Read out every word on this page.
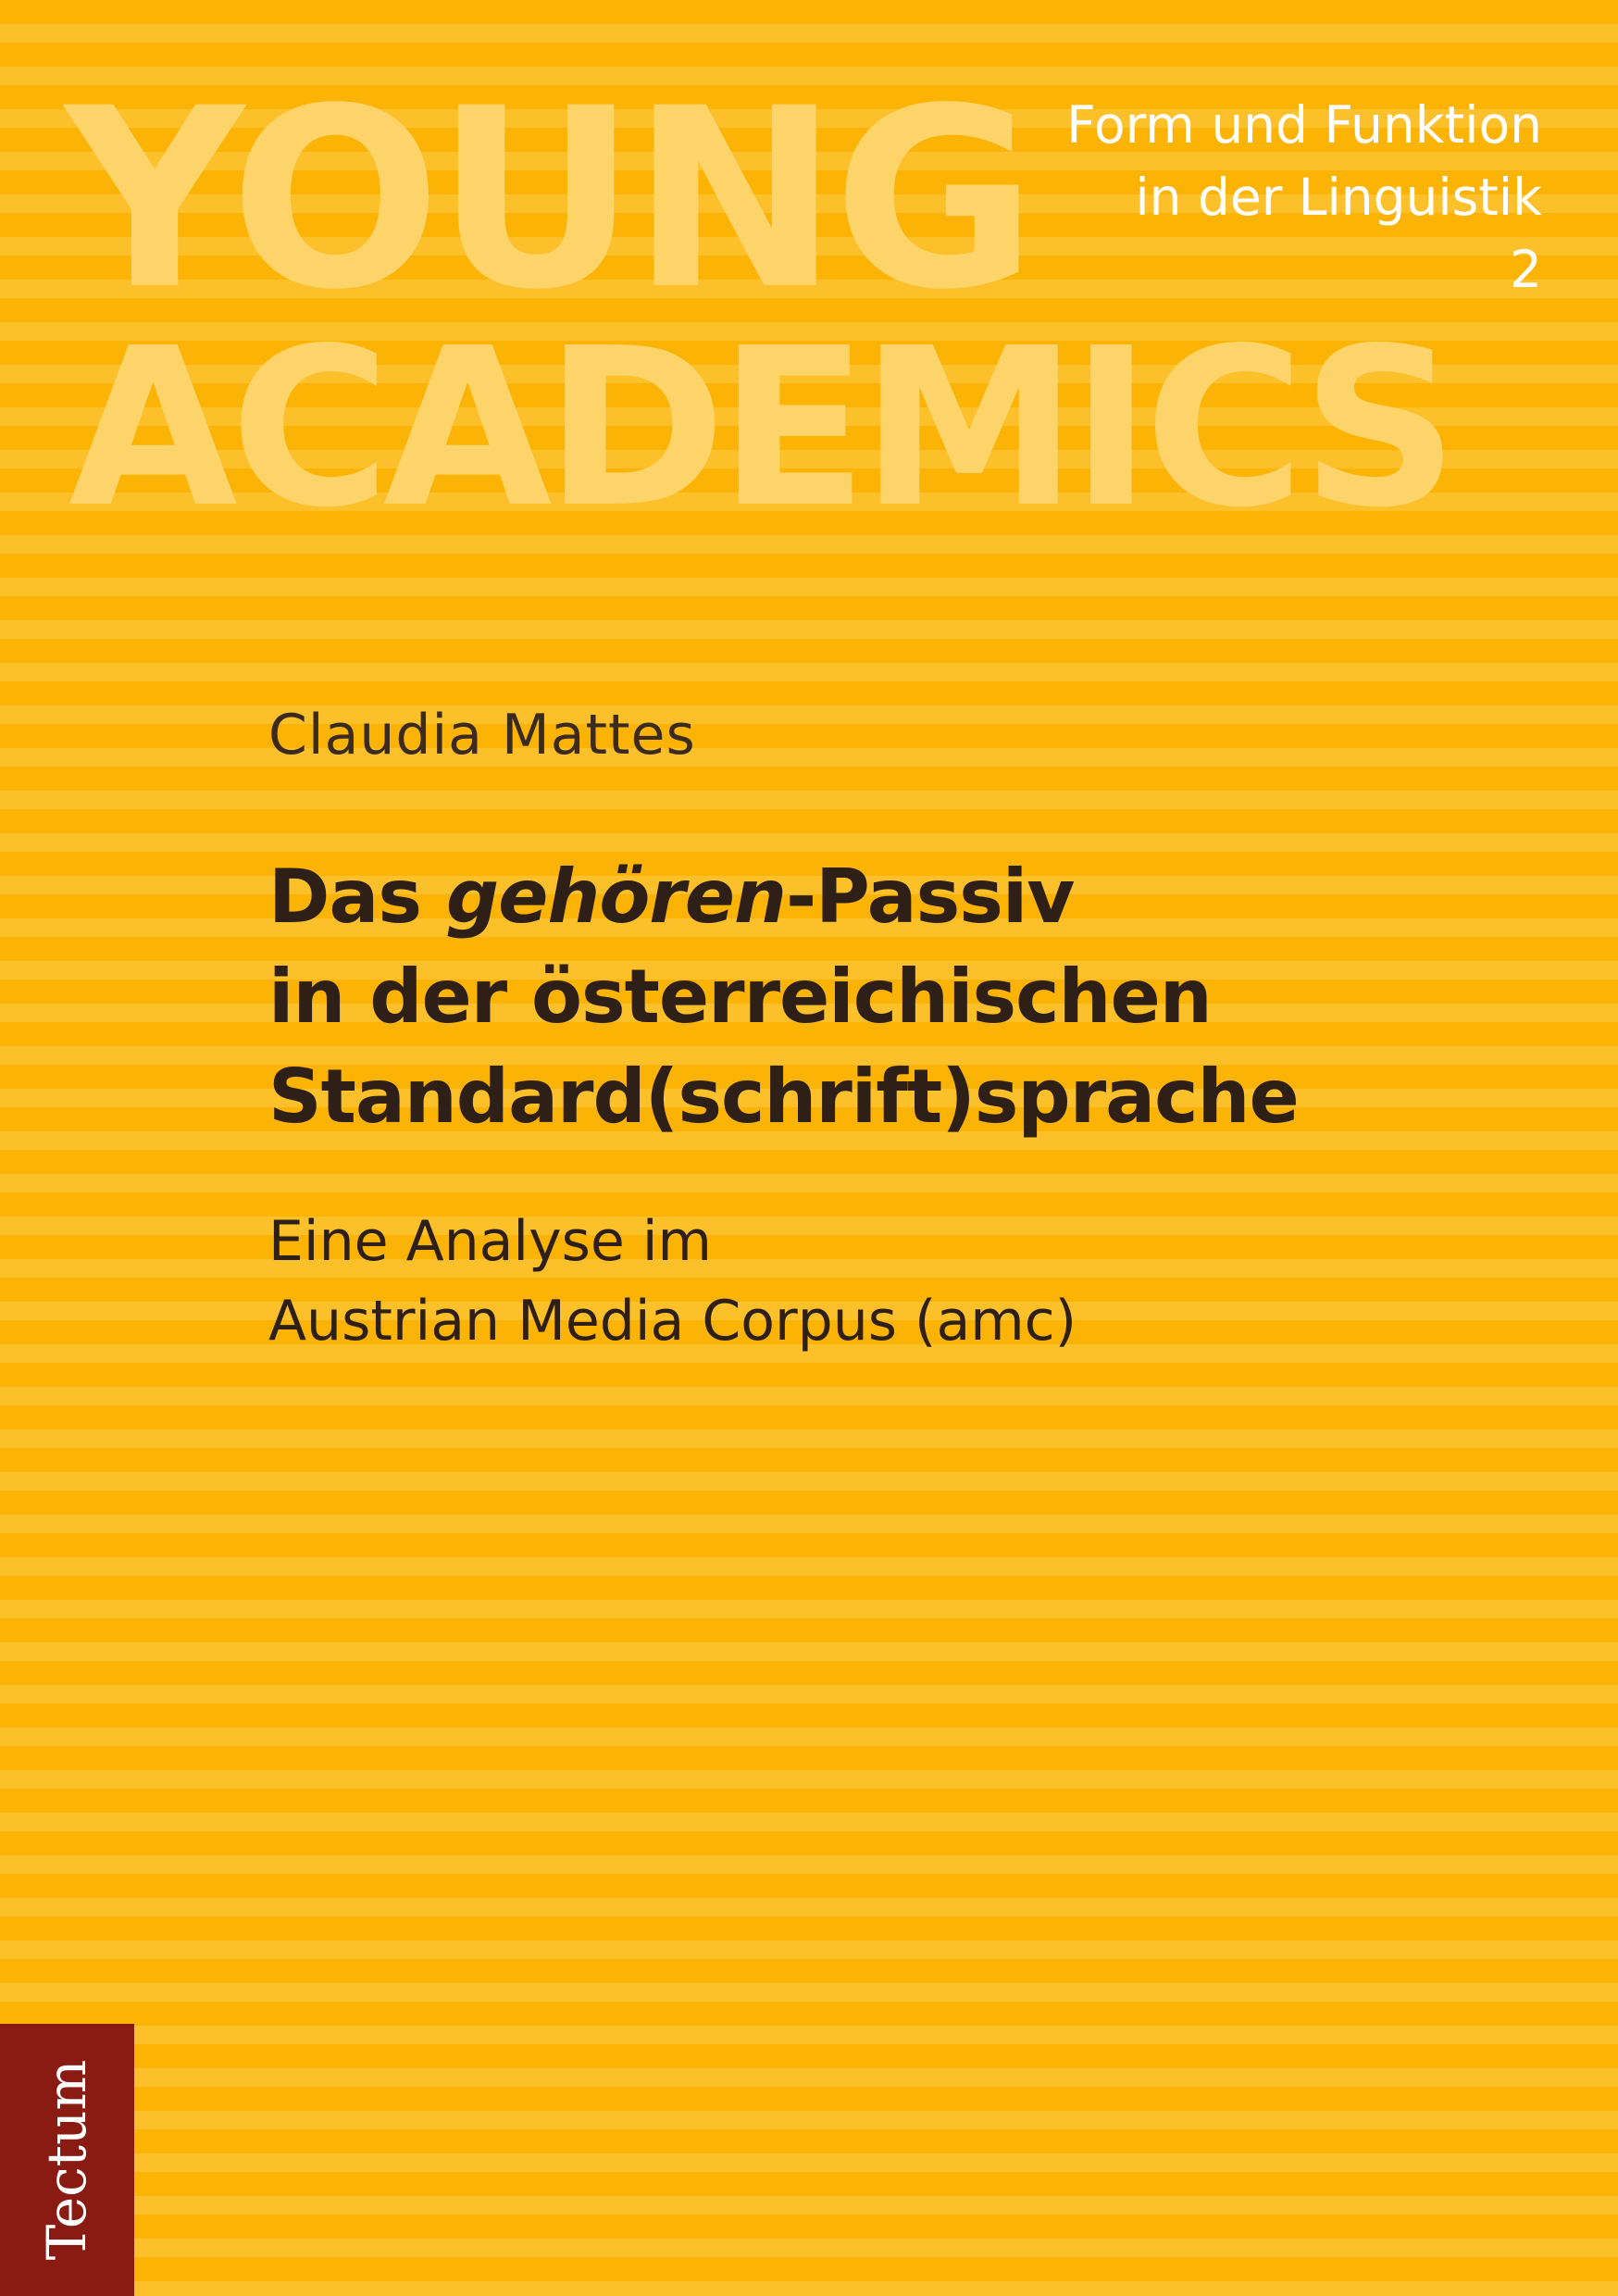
YOUNG
ACADEMICS
Form und Funktion
in der Linguistik
2
Claudia Mattes
Das gehören-Passiv
in der österreichischen
Standard(schrift)sprache
Eine Analyse im
Austrian Media Corpus (amc)
Tectum
